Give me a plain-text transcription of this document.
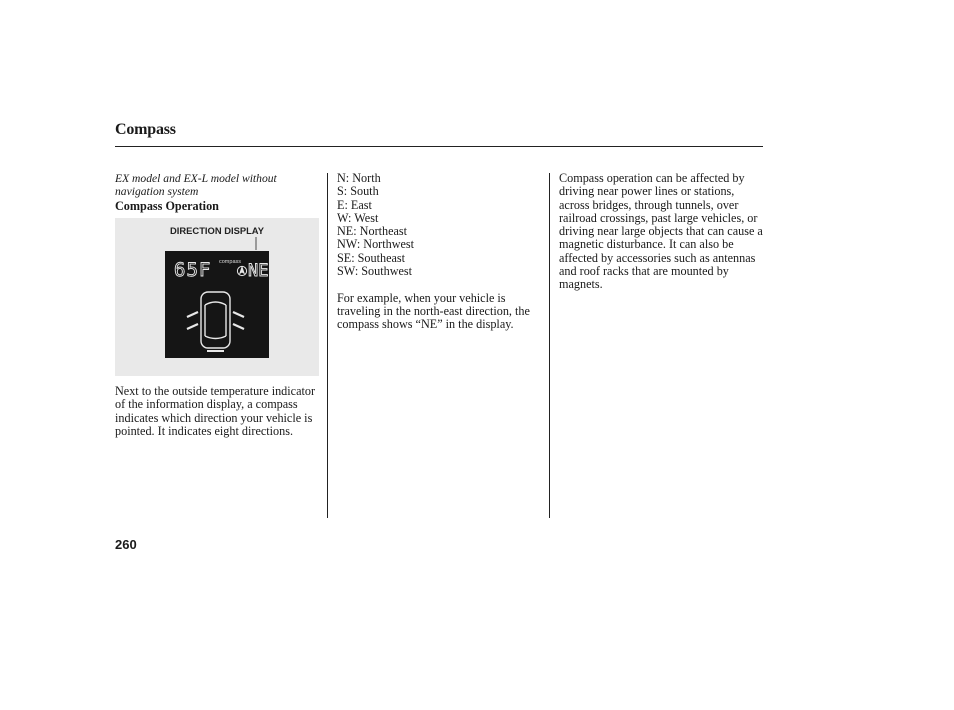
Compass

EX model and EX-L model without navigation system

Compass Operation

DIRECTION DISPLAY
65F compass NE

Next to the outside temperature indicator of the information display, a compass indicates which direction your vehicle is pointed. It indicates eight directions.

N: North
S: South
E: East
W: West
NE: Northeast
NW: Northwest
SE: Southeast
SW: Southwest

For example, when your vehicle is traveling in the north-east direction, the compass shows “NE” in the display.

Compass operation can be affected by driving near power lines or stations, across bridges, through tunnels, over railroad crossings, past large vehicles, or driving near large objects that can cause a magnetic disturbance. It can also be affected by accessories such as antennas and roof racks that are mounted by magnets.

260
